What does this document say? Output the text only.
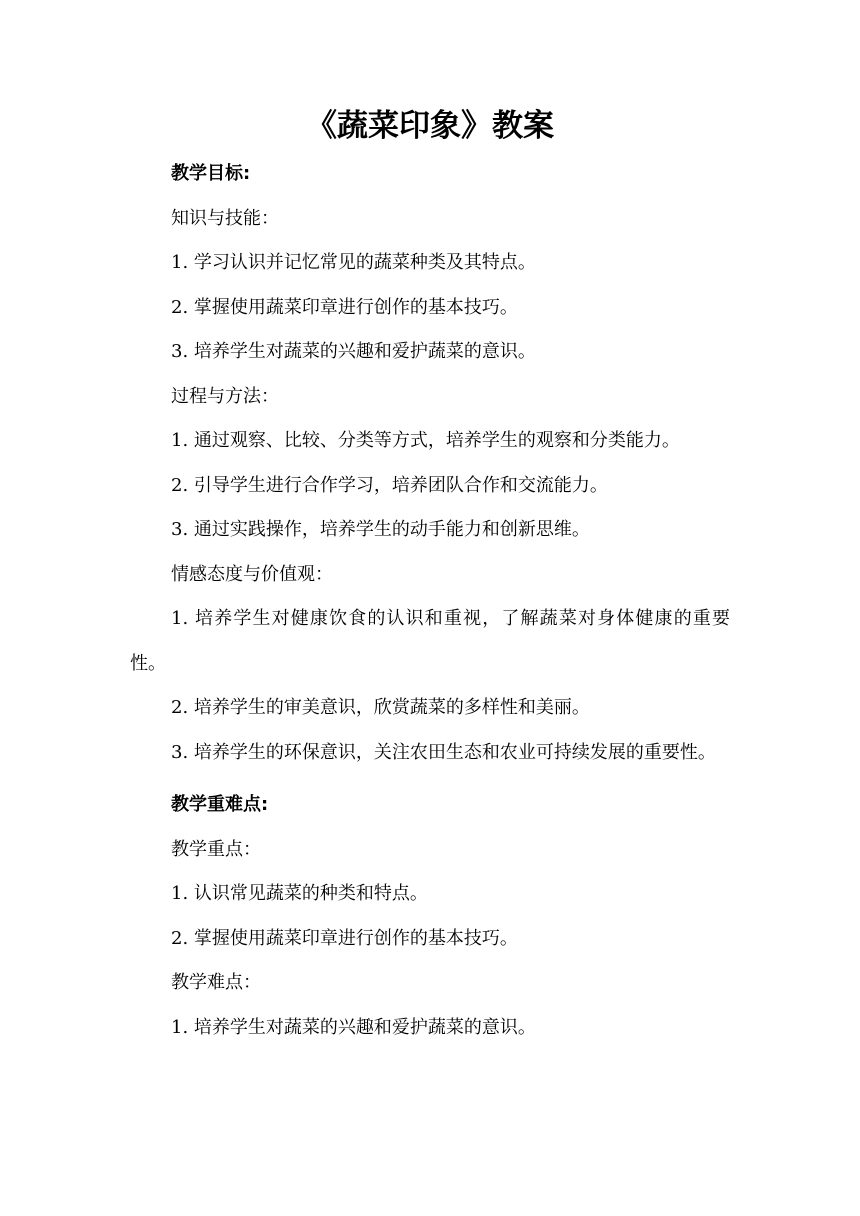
《蔬菜印象》教案
教学目标:

知识与技能：

1. 学习认识并记忆常见的蔬菜种类及其特点。

2. 掌握使用蔬菜印章进行创作的基本技巧。

3. 培养学生对蔬菜的兴趣和爱护蔬菜的意识。

过程与方法：

1. 通过观察、比较、分类等方式，培养学生的观察和分类能力。

2. 引导学生进行合作学习，培养团队合作和交流能力。

3. 通过实践操作，培养学生的动手能力和创新思维。

情感态度与价值观：

1. 培养学生对健康饮食的认识和重视，了解蔬菜对身体健康的重要性。

2. 培养学生的审美意识，欣赏蔬菜的多样性和美丽。

3. 培养学生的环保意识，关注农田生态和农业可持续发展的重要性。

教学重难点:

教学重点：

1. 认识常见蔬菜的种类和特点。

2. 掌握使用蔬菜印章进行创作的基本技巧。

教学难点：

1. 培养学生对蔬菜的兴趣和爱护蔬菜的意识。
